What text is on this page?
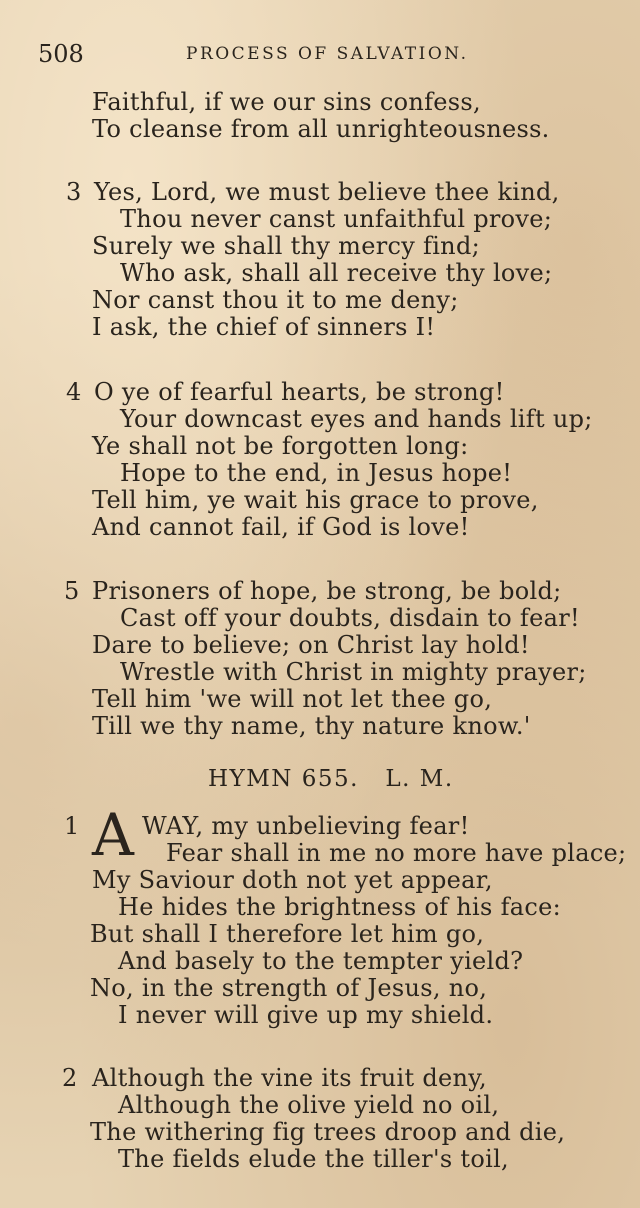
508	PROCESS OF SALVATION.
Faithful, if we our sins confess,
To cleanse from all unrighteousness.
3 Yes, Lord, we must believe thee kind,
Thou never canst unfaithful prove;
Surely we shall thy mercy find;
Who ask, shall all receive thy love;
Nor canst thou it to me deny;
I ask, the chief of sinners I!
4 O ye of fearful hearts, be strong!
Your downcast eyes and hands lift up;
Ye shall not be forgotten long:
Hope to the end, in Jesus hope!
Tell him, ye wait his grace to prove,
And cannot fail, if God is love!
5 Prisoners of hope, be strong, be bold;
Cast off your doubts, disdain to fear!
Dare to believe; on Christ lay hold!
Wrestle with Christ in mighty prayer;
Tell him 'we will not let thee go,
Till we thy name, thy nature know.'
HYMN 655.   L. M.
1 A WAY, my unbelieving fear!
Fear shall in me no more have place;
My Saviour doth not yet appear,
He hides the brightness of his face:
But shall I therefore let him go,
And basely to the tempter yield?
No, in the strength of Jesus, no,
I never will give up my shield.
2 Although the vine its fruit deny,
Although the olive yield no oil,
The withering fig trees droop and die,
The fields elude the tiller's toil,
